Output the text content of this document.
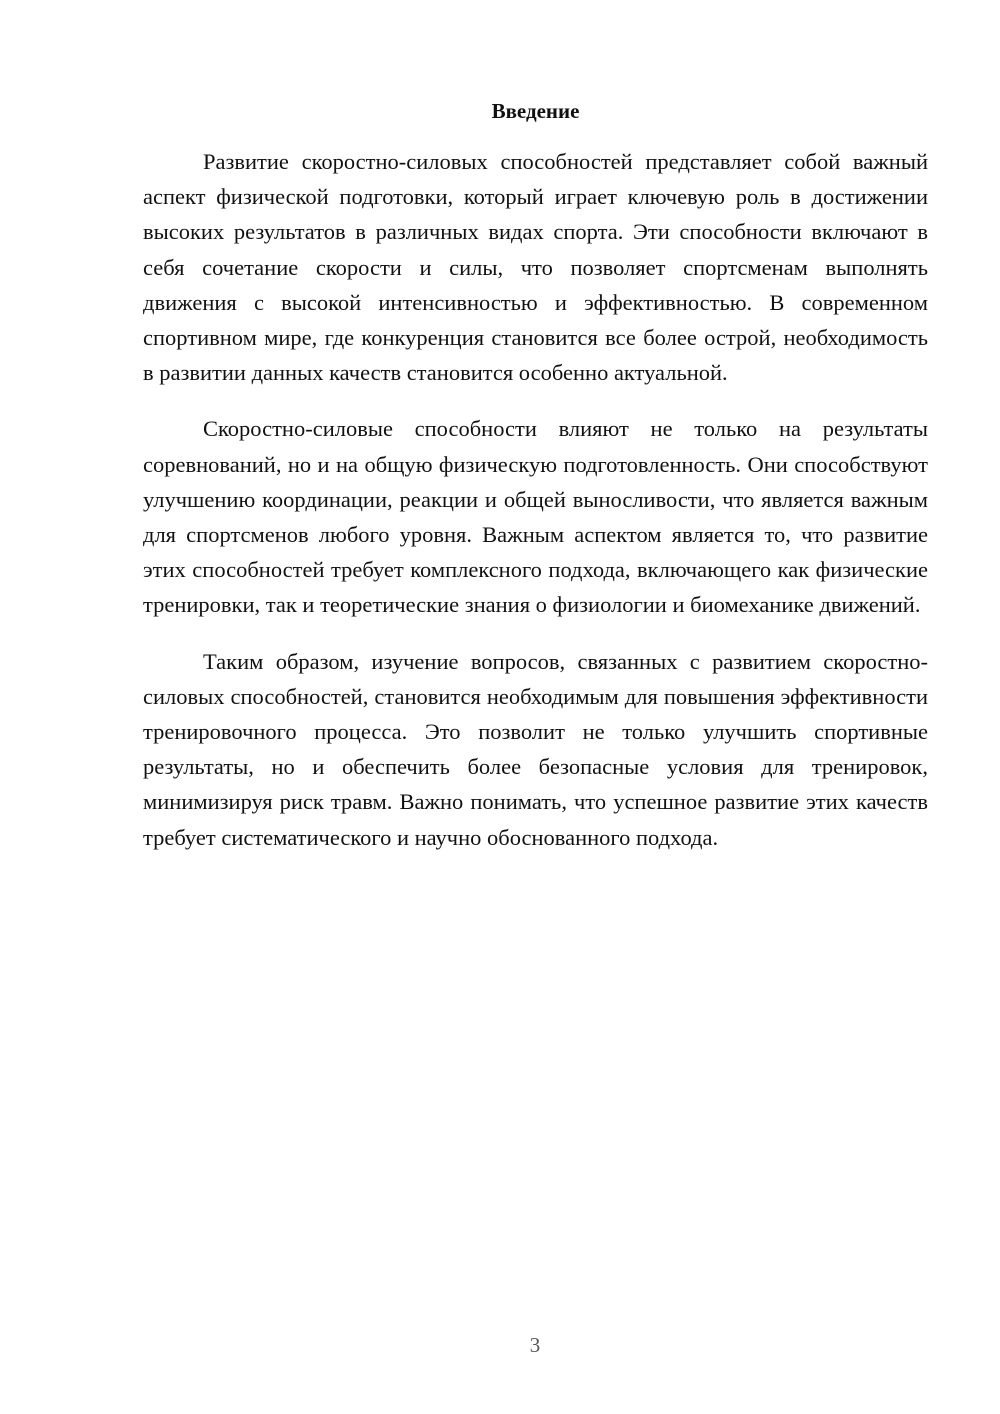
Введение

Развитие скоростно-силовых способностей представляет собой важный аспект физической подготовки, который играет ключевую роль в достижении высоких результатов в различных видах спорта. Эти способности включают в себя сочетание скорости и силы, что позволяет спортсменам выполнять движения с высокой интенсивностью и эффективностью. В современном спортивном мире, где конкуренция становится все более острой, необходимость в развитии данных качеств становится особенно актуальной.

Скоростно-силовые способности влияют не только на результаты соревнований, но и на общую физическую подготовленность. Они способствуют улучшению координации, реакции и общей выносливости, что является важным для спортсменов любого уровня. Важным аспектом является то, что развитие этих способностей требует комплексного подхода, включающего как физические тренировки, так и теоретические знания о физиологии и биомеханике движений.

Таким образом, изучение вопросов, связанных с развитием скоростно-силовых способностей, становится необходимым для повышения эффективности тренировочного процесса. Это позволит не только улучшить спортивные результаты, но и обеспечить более безопасные условия для тренировок, минимизируя риск травм. Важно понимать, что успешное развитие этих качеств требует систематического и научно обоснованного подхода.

3
